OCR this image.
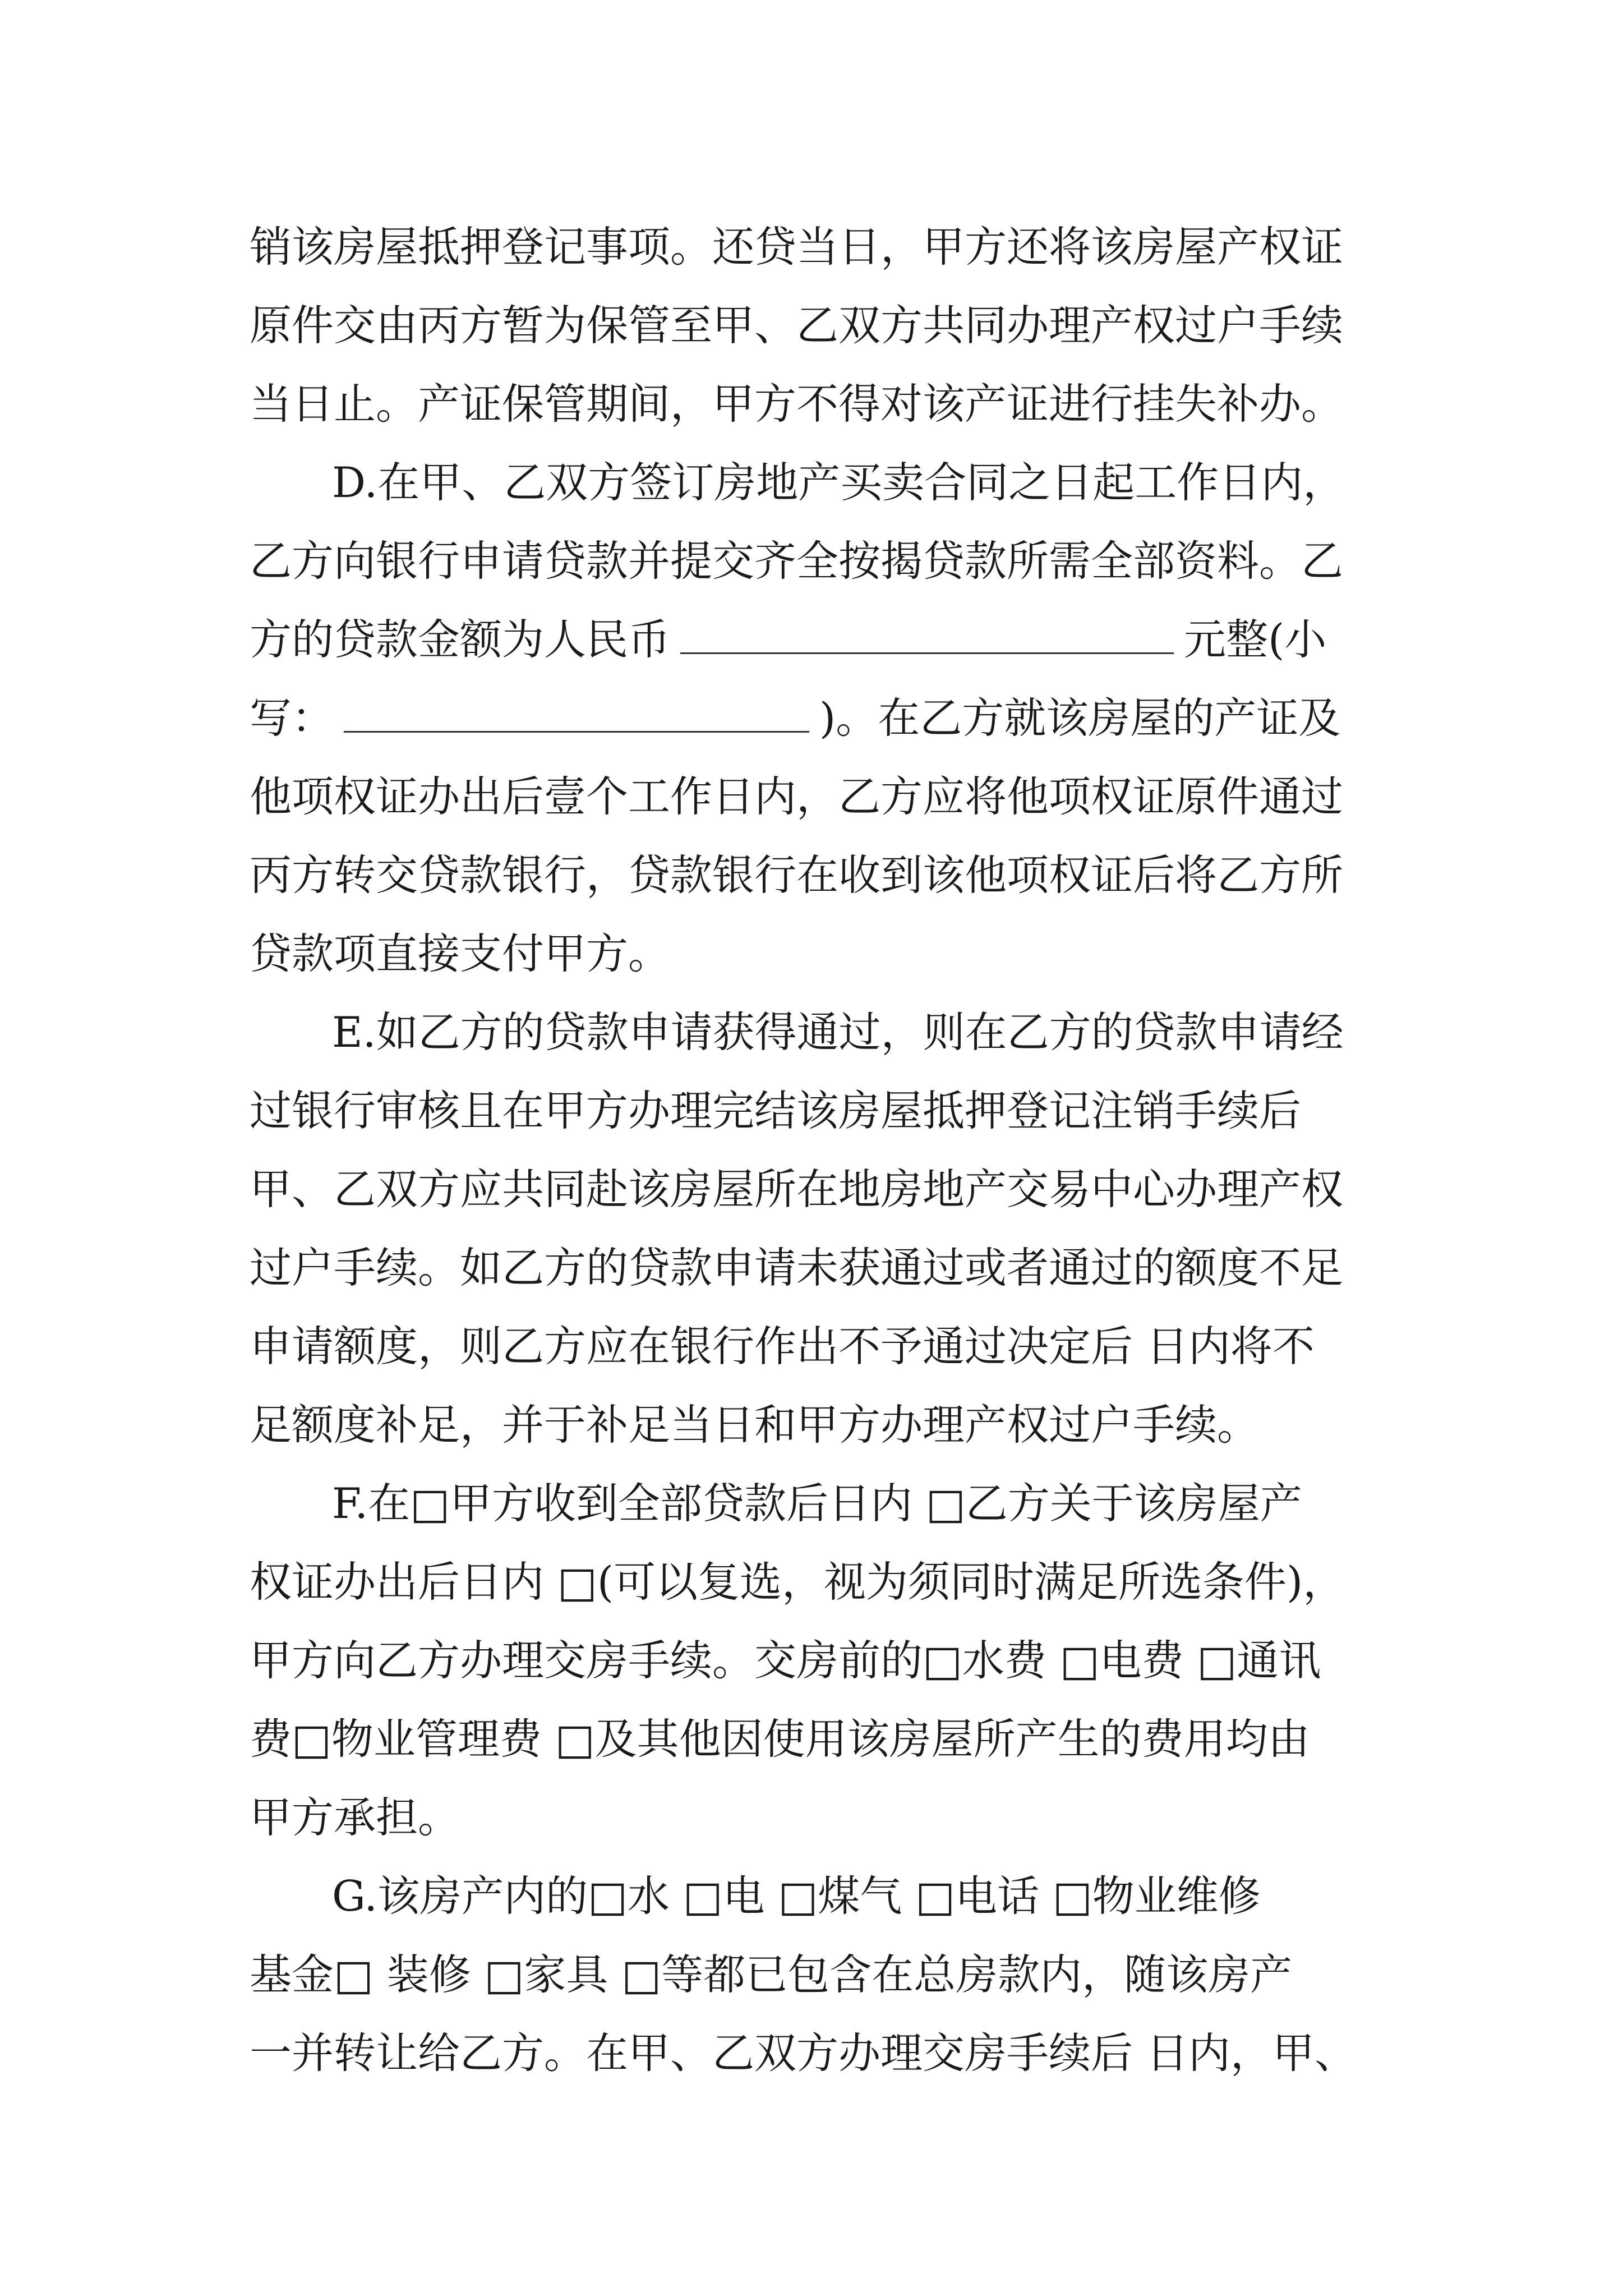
销该房屋抵押登记事项。还贷当日，甲方还将该房屋产权证
原件交由丙方暂为保管至甲、乙双方共同办理产权过户手续
当日止。产证保管期间，甲方不得对该产证进行挂失补办。
D.在甲、乙双方签订房地产买卖合同之日起工作日内，
乙方向银行申请贷款并提交齐全按揭贷款所需全部资料。乙
方的贷款金额为人民币	元整(小
写：	)。在乙方就该房屋的产证及
他项权证办出后壹个工作日内，乙方应将他项权证原件通过
丙方转交贷款银行，贷款银行在收到该他项权证后将乙方所
贷款项直接支付甲方。
E.如乙方的贷款申请获得通过，则在乙方的贷款申请经
过银行审核且在甲方办理完结该房屋抵押登记注销手续后
甲、乙双方应共同赴该房屋所在地房地产交易中心办理产权
过户手续。如乙方的贷款申请未获通过或者通过的额度不足
申请额度，则乙方应在银行作出不予通过决定后 日内将不
足额度补足，并于补足当日和甲方办理产权过户手续。
F.在□甲方收到全部贷款后日内 □乙方关于该房屋产
权证办出后日内 □(可以复选，视为须同时满足所选条件)，
甲方向乙方办理交房手续。交房前的□水费 □电费 □通讯
费□物业管理费 □及其他因使用该房屋所产生的费用均由
甲方承担。
G.该房产内的□水 □电 □煤气 □电话 □物业维修
基金□ 装修 □家具 □等都已包含在总房款内，随该房产
一并转让给乙方。在甲、乙双方办理交房手续后 日内，甲、
